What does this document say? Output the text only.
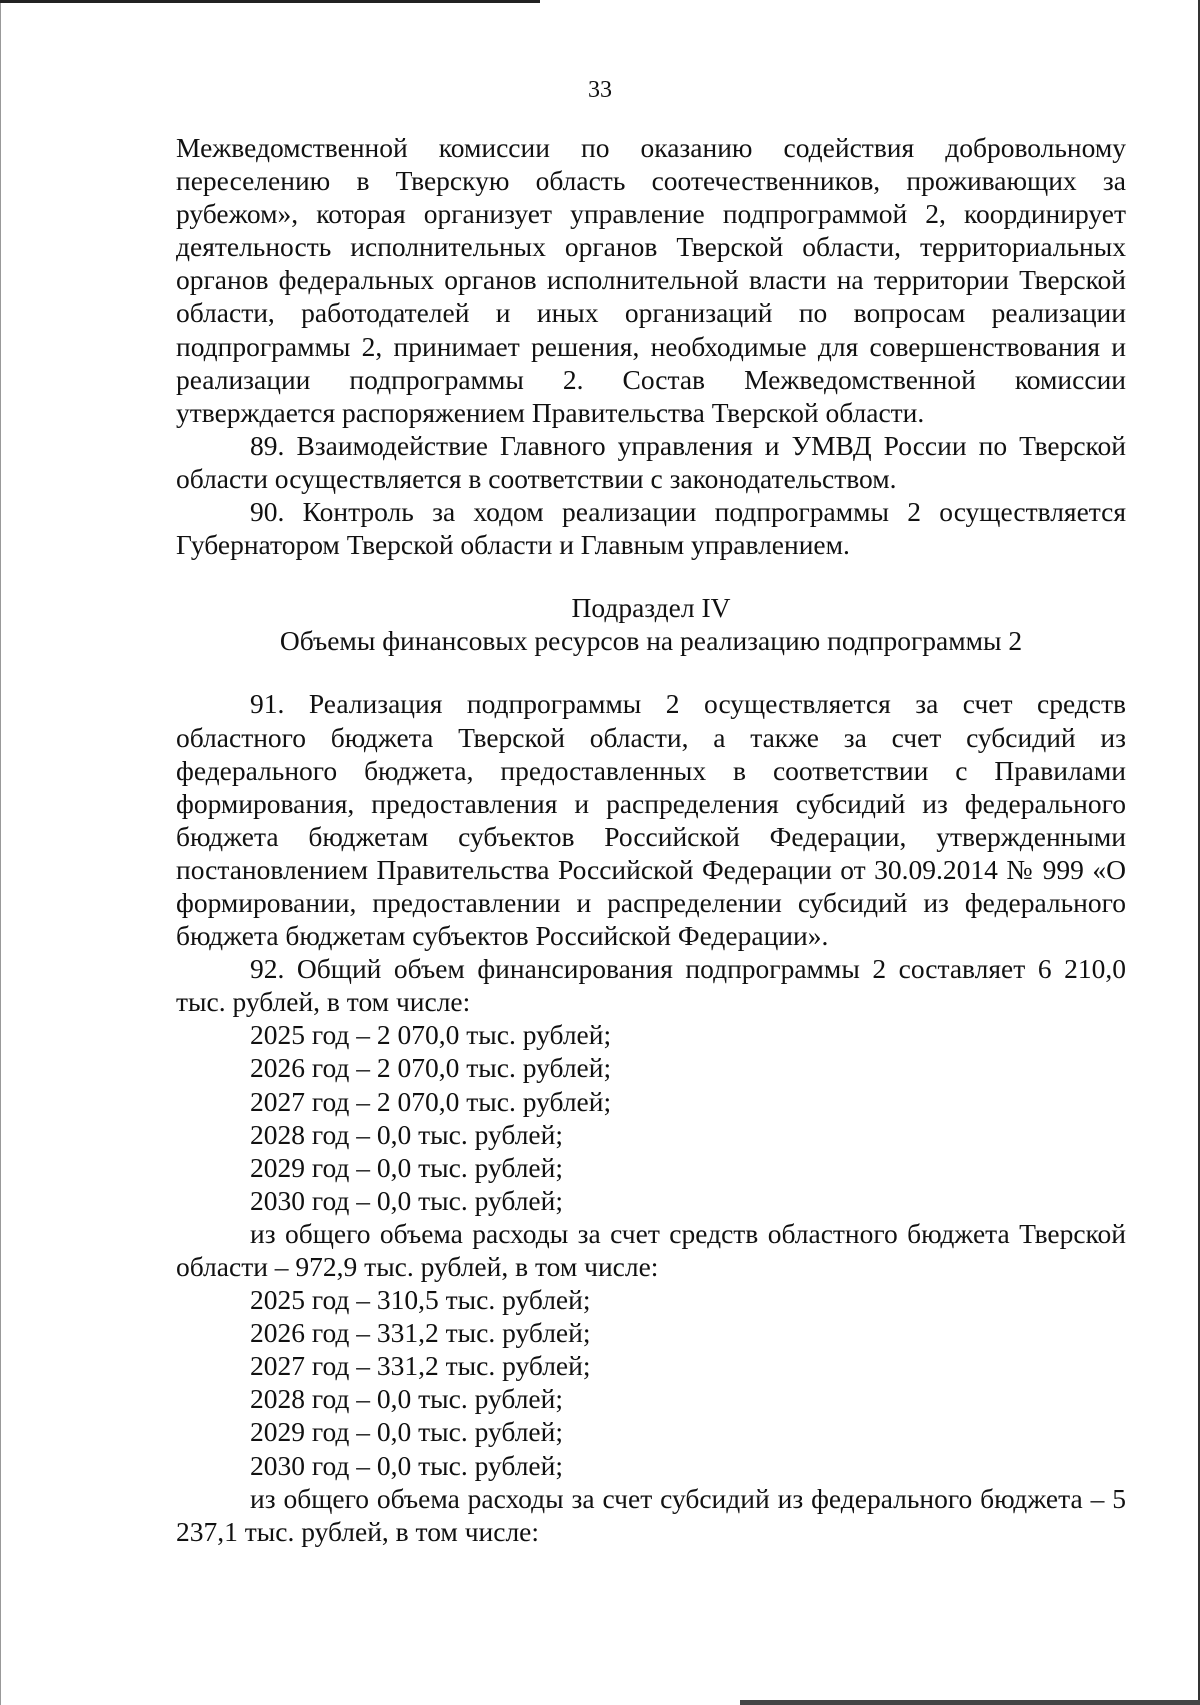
33

Межведомственной комиссии по оказанию содействия добровольному переселению в Тверскую область соотечественников, проживающих за рубежом», которая организует управление подпрограммой 2, координирует деятельность исполнительных органов Тверской области, территориальных органов федеральных органов исполнительной власти на территории Тверской области, работодателей и иных организаций по вопросам реализации подпрограммы 2, принимает решения, необходимые для совершенствования и реализации подпрограммы 2. Состав Межведомственной комиссии утверждается распоряжением Правительства Тверской области.

89. Взаимодействие Главного управления и УМВД России по Тверской области осуществляется в соответствии с законодательством.

90. Контроль за ходом реализации подпрограммы 2 осуществляется Губернатором Тверской области и Главным управлением.

Подраздел IV

Объемы финансовых ресурсов на реализацию подпрограммы 2

91. Реализация подпрограммы 2 осуществляется за счет средств областного бюджета Тверской области, а также за счет субсидий из федерального бюджета, предоставленных в соответствии с Правилами формирования, предоставления и распределения субсидий из федерального бюджета бюджетам субъектов Российской Федерации, утвержденными постановлением Правительства Российской Федерации от 30.09.2014 № 999 «О формировании, предоставлении и распределении субсидий из федерального бюджета бюджетам субъектов Российской Федерации».

92. Общий объем финансирования подпрограммы 2 составляет 6 210,0 тыс. рублей, в том числе:

2025 год – 2 070,0 тыс. рублей;

2026 год – 2 070,0 тыс. рублей;

2027 год – 2 070,0 тыс. рублей;

2028 год – 0,0 тыс. рублей;

2029 год – 0,0 тыс. рублей;

2030 год – 0,0 тыс. рублей;

из общего объема расходы за счет средств областного бюджета Тверской области – 972,9 тыс. рублей, в том числе:

2025 год – 310,5 тыс. рублей;

2026 год – 331,2 тыс. рублей;

2027 год – 331,2 тыс. рублей;

2028 год – 0,0 тыс. рублей;

2029 год – 0,0 тыс. рублей;

2030 год – 0,0 тыс. рублей;

из общего объема расходы за счет субсидий из федерального бюджета – 5 237,1 тыс. рублей, в том числе:
